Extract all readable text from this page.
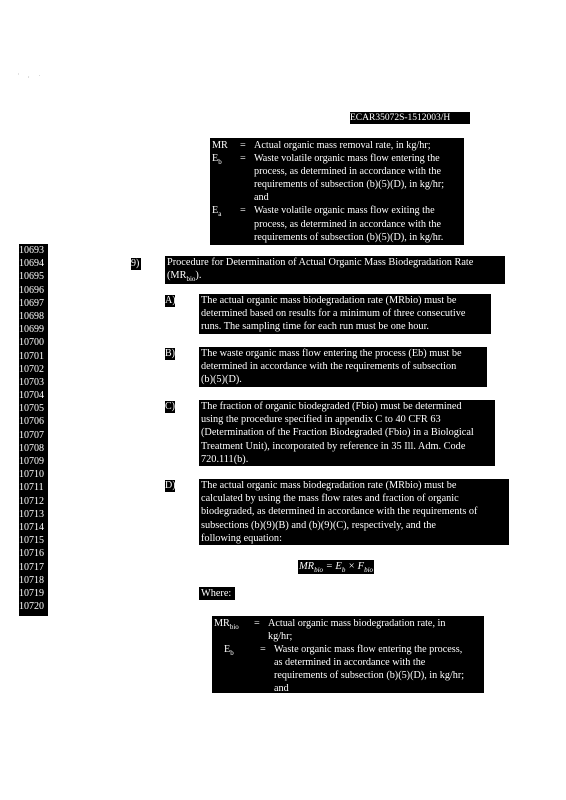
' , ·
ECAR35072S-1512003/H
MR	=	Actual organic mass removal rate, in kg/hr;
$E_b$	=	Waste volatile organic mass flow entering the
process, as determined in accordance with the
requirements of subsection (b)(5)(D), in kg/hr;
and

$E_a$	=	Waste volatile organic mass flow exiting the
process, as determined in accordance with the
requirements of subsection (b)(5)(D), in kg/hr.
10693
10694
10695
10696
10697
10698
10699
10700
10701
10702
10703
10704
10705
10706
10707
10708
10709
10710
10711
10712
10713
10714
10715
10716
10717
10718
10719
10720
9)	Procedure for Determination of Actual Organic Mass Biodegradation Rate
$(MR_{bio})$.
A) The actual organic mass biodegradation rate (MRbio) must be
determined based on results for a minimum of three consecutive
runs. The sampling time for each run must be one hour.
B)	The waste organic mass flow entering the process (Eb) must be
determined in accordance with the requirements of subsection
(b)(5)(D).
C)	The fraction of organic biodegraded (Fbio) must be determined
using the procedure specified in appendix C to 40 CFR 63
(Determination of the Fraction Biodegraded (Fbio) in a Biological
Treatment Unit), incorporated by reference in 35 Ill. Adm. Code
720.111(b).
D) The actual organic mass biodegradation rate (MRbio) must be
calculated by using the mass flow rates and fraction of organic
biodegraded, as determined in accordance with the requirements of
subsections (b)(9)(B) and (b)(9)(C), respectively, and the
following equation:
$MR_{bio} = E_b \times F_{bio}$
Where:
$MR_{bio}$	=	Actual organic mass biodegradation rate, in
kg/hr;

$E_b$	=	Waste organic mass flow entering the process,
as determined in accordance with the
requirements of subsection (b)(5)(D), in kg/hr;
and
